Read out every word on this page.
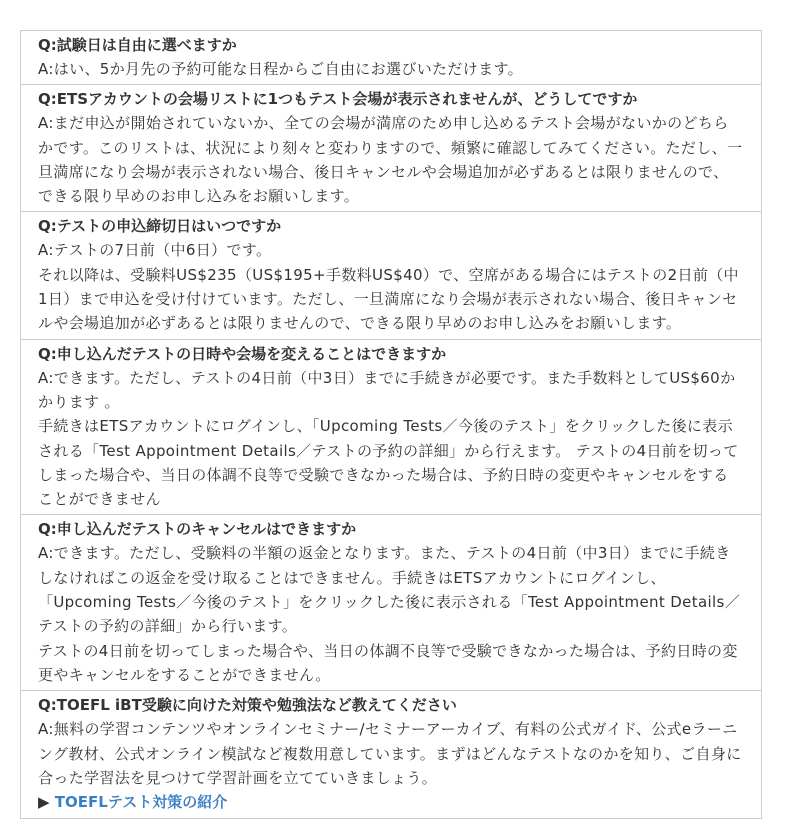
Q:試験日は自由に選べますか

A:はい、5か月先の予約可能な日程からご自由にお選びいただけます。

Q:ETSアカウントの会場リストに1つもテスト会場が表示されませんが、どうしてですか

A:まだ申込が開始されていないか、全ての会場が満席のため申し込めるテスト会場がないかのどちらかです。このリストは、状況により刻々と変わりますので、頻繁に確認してみてください。ただし、一旦満席になり会場が表示されない場合、後日キャンセルや会場追加が必ずあるとは限りませんので、できる限り早めのお申し込みをお願いします。

Q:テストの申込締切日はいつですか

A:テストの7日前（中6日）です。

それ以降は、受験料US$235（US$195+手数料US$40）で、空席がある場合にはテストの2日前（中1日）まで申込を受け付けています。ただし、一旦満席になり会場が表示されない場合、後日キャンセルや会場追加が必ずあるとは限りませんので、できる限り早めのお申し込みをお願いします。

Q:申し込んだテストの日時や会場を変えることはできますか

A:できます。ただし、テストの4日前（中3日）までに手続きが必要です。また手数料としてUS$60かかります 。

手続きはETSアカウントにログインし、「Upcoming Tests／今後のテスト」をクリックした後に表示される「Test Appointment Details／テストの予約の詳細」から行えます。 テストの4日前を切ってしまった場合や、当日の体調不良等で受験できなかった場合は、予約日時の変更やキャンセルをすることができません

Q:申し込んだテストのキャンセルはできますか

A:できます。ただし、受験料の半額の返金となります。また、テストの4日前（中3日）までに手続きしなければこの返金を受け取ることはできません。手続きはETSアカウントにログインし、「Upcoming Tests／今後のテスト」をクリックした後に表示される「Test Appointment Details／テストの予約の詳細」から行います。

テストの4日前を切ってしまった場合や、当日の体調不良等で受験できなかった場合は、予約日時の変更やキャンセルをすることができません。

Q:TOEFL iBT受験に向けた対策や勉強法など教えてください

A:無料の学習コンテンツやオンラインセミナー/セミナーアーカイブ、有料の公式ガイド、公式eラーニング教材、公式オンライン模試など複数用意しています。まずはどんなテストなのかを知り、ご自身に合った学習法を見つけて学習計画を立てていきましょう。

▶ TOEFLテスト対策の紹介
